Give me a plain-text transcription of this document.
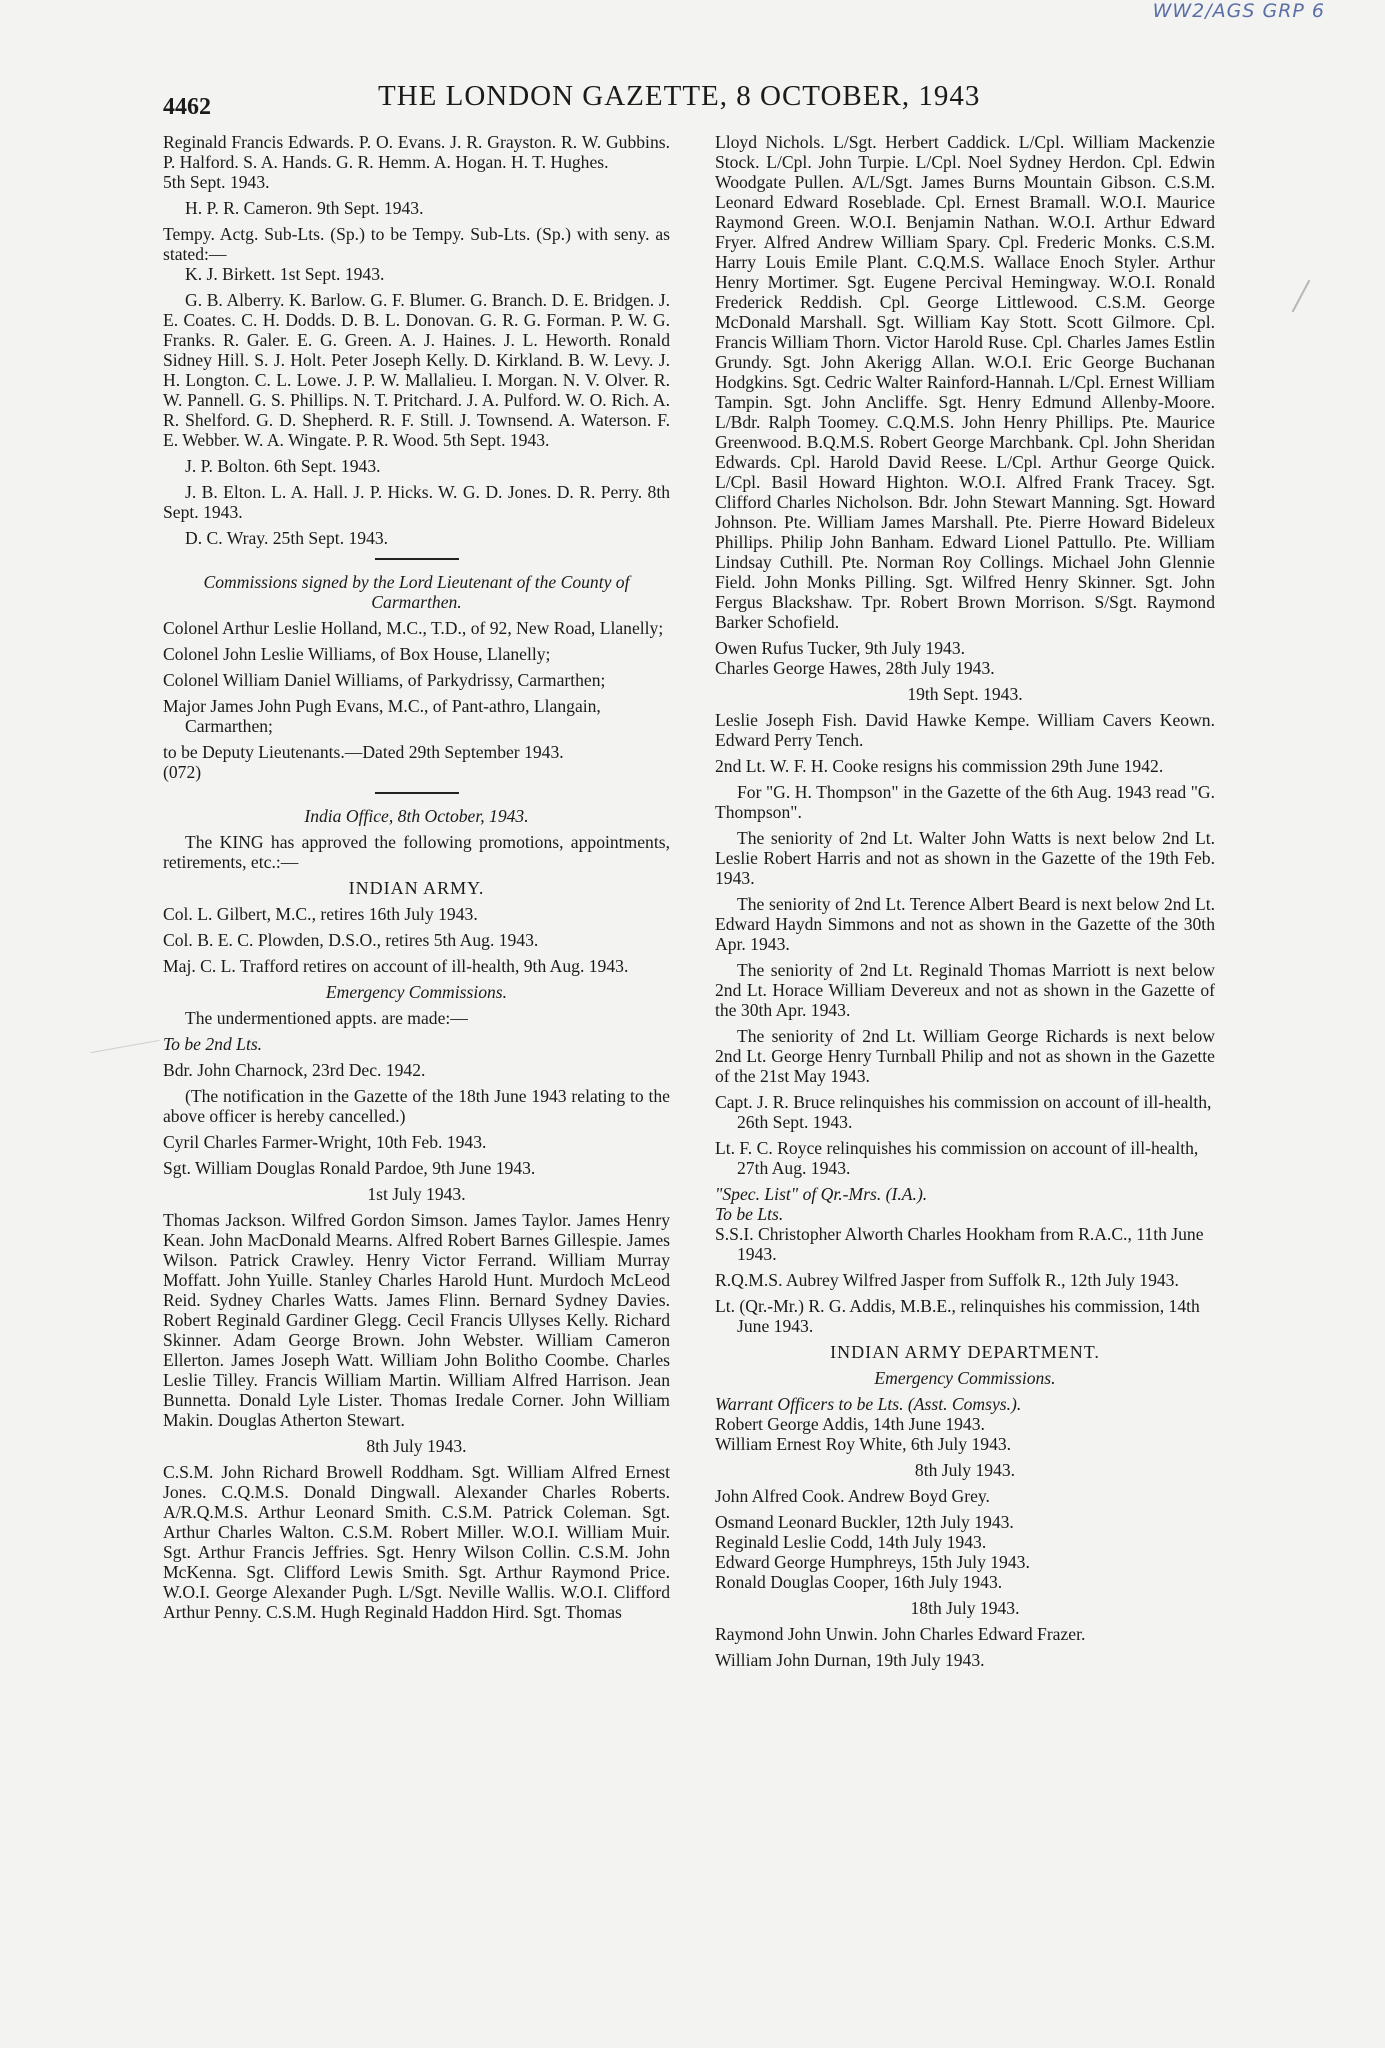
WW2/AGS GRP 6
4462	THE LONDON GAZETTE, 8 OCTOBER, 1943

Reginald Francis Edwards. P. O. Evans. J. R. Grayston. R. W. Gubbins. P. Halford. S. A. Hands. G. R. Hemm. A. Hogan. H. T. Hughes.

5th Sept. 1943.

H. P. R. Cameron. 9th Sept. 1943.

Tempy. Actg. Sub-Lts. (Sp.) to be Tempy. Sub-Lts. (Sp.) with seny. as stated:—

K. J. Birkett. 1st Sept. 1943.

G. B. Alberry. K. Barlow. G. F. Blumer. G. Branch. D. E. Bridgen. J. E. Coates. C. H. Dodds. D. B. L. Donovan. G. R. G. Forman. P. W. G. Franks. R. Galer. E. G. Green. A. J. Haines. J. L. Heworth. Ronald Sidney Hill. S. J. Holt. Peter Joseph Kelly. D. Kirkland. B. W. Levy. J. H. Longton. C. L. Lowe. J. P. W. Mallalieu. I. Morgan. N. V. Olver. R. W. Pannell. G. S. Phillips. N. T. Pritchard. J. A. Pulford. W. O. Rich. A. R. Shelford. G. D. Shepherd. R. F. Still. J. Townsend. A. Waterson. F. E. Webber. W. A. Wingate. P. R. Wood. 5th Sept. 1943.

J. P. Bolton. 6th Sept. 1943.

J. B. Elton. L. A. Hall. J. P. Hicks. W. G. D. Jones. D. R. Perry. 8th Sept. 1943.

D. C. Wray. 25th Sept. 1943.

Commissions signed by the Lord Lieutenant of the County of Carmarthen.

Colonel Arthur Leslie Holland, M.C., T.D., of 92, New Road, Llanelly;

Colonel John Leslie Williams, of Box House, Llanelly;

Colonel William Daniel Williams, of Parkydrissy, Carmarthen;

Major James John Pugh Evans, M.C., of Pant-athro, Llangain, Carmarthen;

to be Deputy Lieutenants.—Dated 29th September 1943.

(072)

India Office, 8th October, 1943.

The KING has approved the following promotions, appointments, retirements, etc.:—

INDIAN ARMY.

Col. L. Gilbert, M.C., retires 16th July 1943.

Col. B. E. C. Plowden, D.S.O., retires 5th Aug. 1943.

Maj. C. L. Trafford retires on account of ill-health, 9th Aug. 1943.

Emergency Commissions.

The undermentioned appts. are made:—

To be 2nd Lts.

Bdr. John Charnock, 23rd Dec. 1942.

(The notification in the Gazette of the 18th June 1943 relating to the above officer is hereby cancelled.)

Cyril Charles Farmer-Wright, 10th Feb. 1943.

Sgt. William Douglas Ronald Pardoe, 9th June 1943.

1st July 1943.

Thomas Jackson. Wilfred Gordon Simson. James Taylor. James Henry Kean. John MacDonald Mearns. Alfred Robert Barnes Gillespie. James Wilson. Patrick Crawley. Henry Victor Ferrand. William Murray Moffatt. John Yuille. Stanley Charles Harold Hunt. Murdoch McLeod Reid. Sydney Charles Watts. James Flinn. Bernard Sydney Davies. Robert Reginald Gardiner Glegg. Cecil Francis Ullyses Kelly. Richard Skinner. Adam George Brown. John Webster. William Cameron Ellerton. James Joseph Watt. William John Bolitho Coombe. Charles Leslie Tilley. Francis William Martin. William Alfred Harrison. Jean Bunnetta. Donald Lyle Lister. Thomas Iredale Corner. John William Makin. Douglas Atherton Stewart.

8th July 1943.

C.S.M. John Richard Browell Roddham. Sgt. William Alfred Ernest Jones. C.Q.M.S. Donald Dingwall. Alexander Charles Roberts. A/R.Q.M.S. Arthur Leonard Smith. C.S.M. Patrick Coleman. Sgt. Arthur Charles Walton. C.S.M. Robert Miller. W.O.I. William Muir. Sgt. Arthur Francis Jeffries. Sgt. Henry Wilson Collin. C.S.M. John McKenna. Sgt. Clifford Lewis Smith. Sgt. Arthur Raymond Price. W.O.I. George Alexander Pugh. L/Sgt. Neville Wallis. W.O.I. Clifford Arthur Penny. C.S.M. Hugh Reginald Haddon Hird. Sgt. Thomas

Lloyd Nichols. L/Sgt. Herbert Caddick. L/Cpl. William Mackenzie Stock. L/Cpl. John Turpie. L/Cpl. Noel Sydney Herdon. Cpl. Edwin Woodgate Pullen. A/L/Sgt. James Burns Mountain Gibson. C.S.M. Leonard Edward Roseblade. Cpl. Ernest Bramall. W.O.I. Maurice Raymond Green. W.O.I. Benjamin Nathan. W.O.I. Arthur Edward Fryer. Alfred Andrew William Spary. Cpl. Frederic Monks. C.S.M. Harry Louis Emile Plant. C.Q.M.S. Wallace Enoch Styler. Arthur Henry Mortimer. Sgt. Eugene Percival Hemingway. W.O.I. Ronald Frederick Reddish. Cpl. George Littlewood. C.S.M. George McDonald Marshall. Sgt. William Kay Stott. Scott Gilmore. Cpl. Francis William Thorn. Victor Harold Ruse. Cpl. Charles James Estlin Grundy. Sgt. John Akerigg Allan. W.O.I. Eric George Buchanan Hodgkins. Sgt. Cedric Walter Rainford-Hannah. L/Cpl. Ernest William Tampin. Sgt. John Ancliffe. Sgt. Henry Edmund Allenby-Moore. L/Bdr. Ralph Toomey. C.Q.M.S. John Henry Phillips. Pte. Maurice Greenwood. B.Q.M.S. Robert George Marchbank. Cpl. John Sheridan Edwards. Cpl. Harold David Reese. L/Cpl. Arthur George Quick. L/Cpl. Basil Howard Highton. W.O.I. Alfred Frank Tracey. Sgt. Clifford Charles Nicholson. Bdr. John Stewart Manning. Sgt. Howard Johnson. Pte. William James Marshall. Pte. Pierre Howard Bideleux Phillips. Philip John Banham. Edward Lionel Pattullo. Pte. William Lindsay Cuthill. Pte. Norman Roy Collings. Michael John Glennie Field. John Monks Pilling. Sgt. Wilfred Henry Skinner. Sgt. John Fergus Blackshaw. Tpr. Robert Brown Morrison. S/Sgt. Raymond Barker Schofield.

Owen Rufus Tucker, 9th July 1943.

Charles George Hawes, 28th July 1943.

19th Sept. 1943.

Leslie Joseph Fish. David Hawke Kempe. William Cavers Keown. Edward Perry Tench.

2nd Lt. W. F. H. Cooke resigns his commission 29th June 1942.

For "G. H. Thompson" in the Gazette of the 6th Aug. 1943 read "G. Thompson".

The seniority of 2nd Lt. Walter John Watts is next below 2nd Lt. Leslie Robert Harris and not as shown in the Gazette of the 19th Feb. 1943.

The seniority of 2nd Lt. Terence Albert Beard is next below 2nd Lt. Edward Haydn Simmons and not as shown in the Gazette of the 30th Apr. 1943.

The seniority of 2nd Lt. Reginald Thomas Marriott is next below 2nd Lt. Horace William Devereux and not as shown in the Gazette of the 30th Apr. 1943.

The seniority of 2nd Lt. William George Richards is next below 2nd Lt. George Henry Turnball Philip and not as shown in the Gazette of the 21st May 1943.

Capt. J. R. Bruce relinquishes his commission on account of ill-health, 26th Sept. 1943.

Lt. F. C. Royce relinquishes his commission on account of ill-health, 27th Aug. 1943.

"Spec. List" of Qr.-Mrs. (I.A.).

To be Lts.

S.S.I. Christopher Alworth Charles Hookham from R.A.C., 11th June 1943.

R.Q.M.S. Aubrey Wilfred Jasper from Suffolk R., 12th July 1943.

Lt. (Qr.-Mr.) R. G. Addis, M.B.E., relinquishes his commission, 14th June 1943.

INDIAN ARMY DEPARTMENT.

Emergency Commissions.

Warrant Officers to be Lts. (Asst. Comsys.).

Robert George Addis, 14th June 1943.

William Ernest Roy White, 6th July 1943.

8th July 1943.

John Alfred Cook. Andrew Boyd Grey.

Osmand Leonard Buckler, 12th July 1943.

Reginald Leslie Codd, 14th July 1943.

Edward George Humphreys, 15th July 1943.

Ronald Douglas Cooper, 16th July 1943.

18th July 1943.

Raymond John Unwin. John Charles Edward Frazer.

William John Durnan, 19th July 1943.
